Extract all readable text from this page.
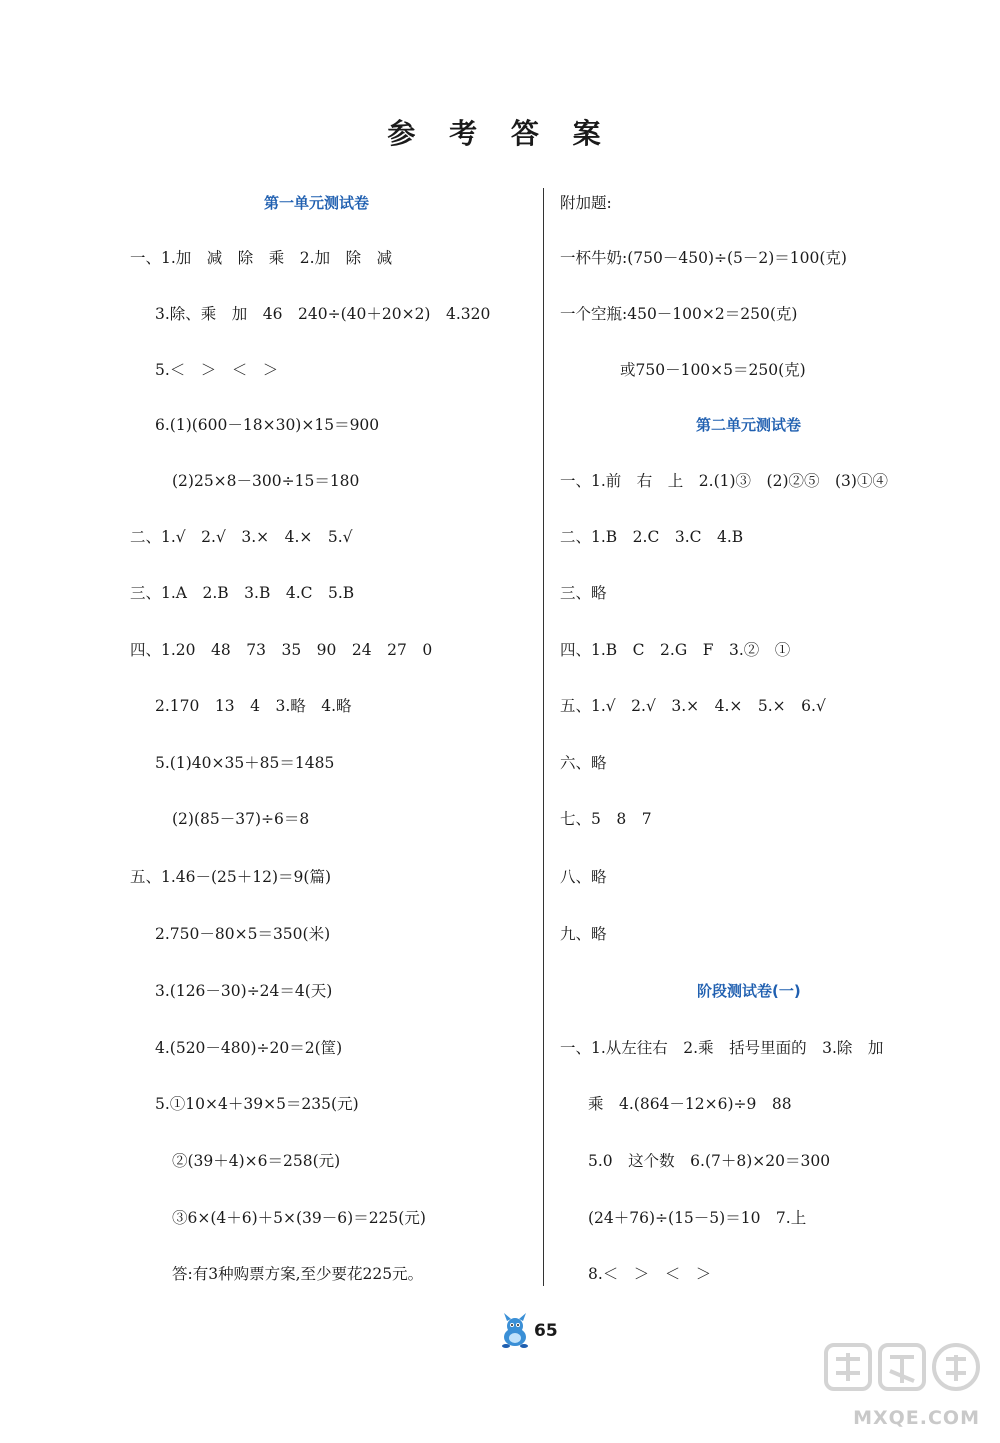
参 考 答 案
第一单元测试卷
一、1.加　减　除　乘　2.加　除　减
3.除、乘　加　46　240÷(40＋20×2)　4.320
5.＜　＞　＜　＞
6.(1)(600－18×30)×15＝900
(2)25×8－300÷15＝180
二、1.√　2.√　3.×　4.×　5.√
三、1.A　2.B　3.B　4.C　5.B
四、1.20　48　73　35　90　24　27　0
2.170　13　4　3.略　4.略
5.(1)40×35＋85＝1485
(2)(85－37)÷6＝8
五、1.46－(25＋12)＝9(篇)
2.750－80×5＝350(米)
3.(126－30)÷24＝4(天)
4.(520－480)÷20＝2(筐)
5.①10×4＋39×5＝235(元)
②(39＋4)×6＝258(元)
③6×(4＋6)＋5×(39－6)＝225(元)
答:有3种购票方案,至少要花225元。
附加题:
一杯牛奶:(750－450)÷(5－2)＝100(克)
一个空瓶:450－100×2＝250(克)
或750－100×5＝250(克)
第二单元测试卷
一、1.前　右　上　2.(1)③　(2)②⑤　(3)①④
二、1.B　2.C　3.C　4.B
三、略
四、1.B　C　2.G　F　3.②　①
五、1.√　2.√　3.×　4.×　5.×　6.√
六、略
七、5　8　7
八、略
九、略
阶段测试卷(一)
一、1.从左往右　2.乘　括号里面的　3.除　加
乘　4.(864－12×6)÷9　88
5.0　这个数　6.(7＋8)×20＝300
(24＋76)÷(15－5)＝10　7.上
8.＜　＞　＜　＞
65
MXQE.COM
